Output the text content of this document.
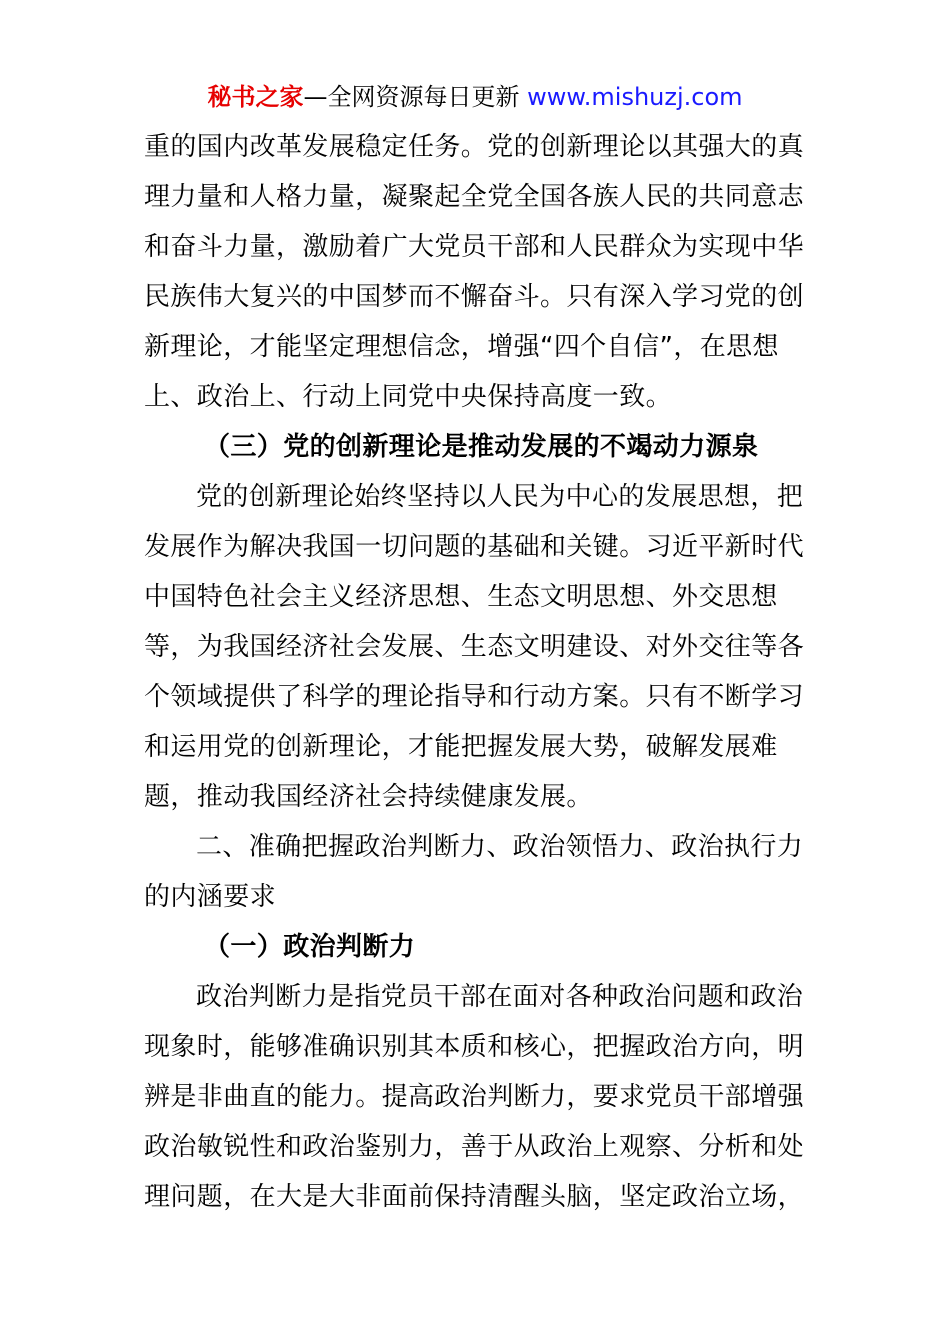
秘书之家—全网资源每日更新 www.mishuzj.com
重的国内改革发展稳定任务。党的创新理论以其强大的真
理力量和人格力量，凝聚起全党全国各族人民的共同意志
和奋斗力量，激励着广大党员干部和人民群众为实现中华
民族伟大复兴的中国梦而不懈奋斗。只有深入学习党的创
新理论，才能坚定理想信念，增强“四个自信”，在思想
上、政治上、行动上同党中央保持高度一致。
（三）党的创新理论是推动发展的不竭动力源泉
党的创新理论始终坚持以人民为中心的发展思想，把
发展作为解决我国一切问题的基础和关键。习近平新时代
中国特色社会主义经济思想、生态文明思想、外交思想
等，为我国经济社会发展、生态文明建设、对外交往等各
个领域提供了科学的理论指导和行动方案。只有不断学习
和运用党的创新理论，才能把握发展大势，破解发展难
题，推动我国经济社会持续健康发展。
二、准确把握政治判断力、政治领悟力、政治执行力
的内涵要求
（一）政治判断力
政治判断力是指党员干部在面对各种政治问题和政治
现象时，能够准确识别其本质和核心，把握政治方向，明
辨是非曲直的能力。提高政治判断力，要求党员干部增强
政治敏锐性和政治鉴别力，善于从政治上观察、分析和处
理问题，在大是大非面前保持清醒头脑，坚定政治立场，
